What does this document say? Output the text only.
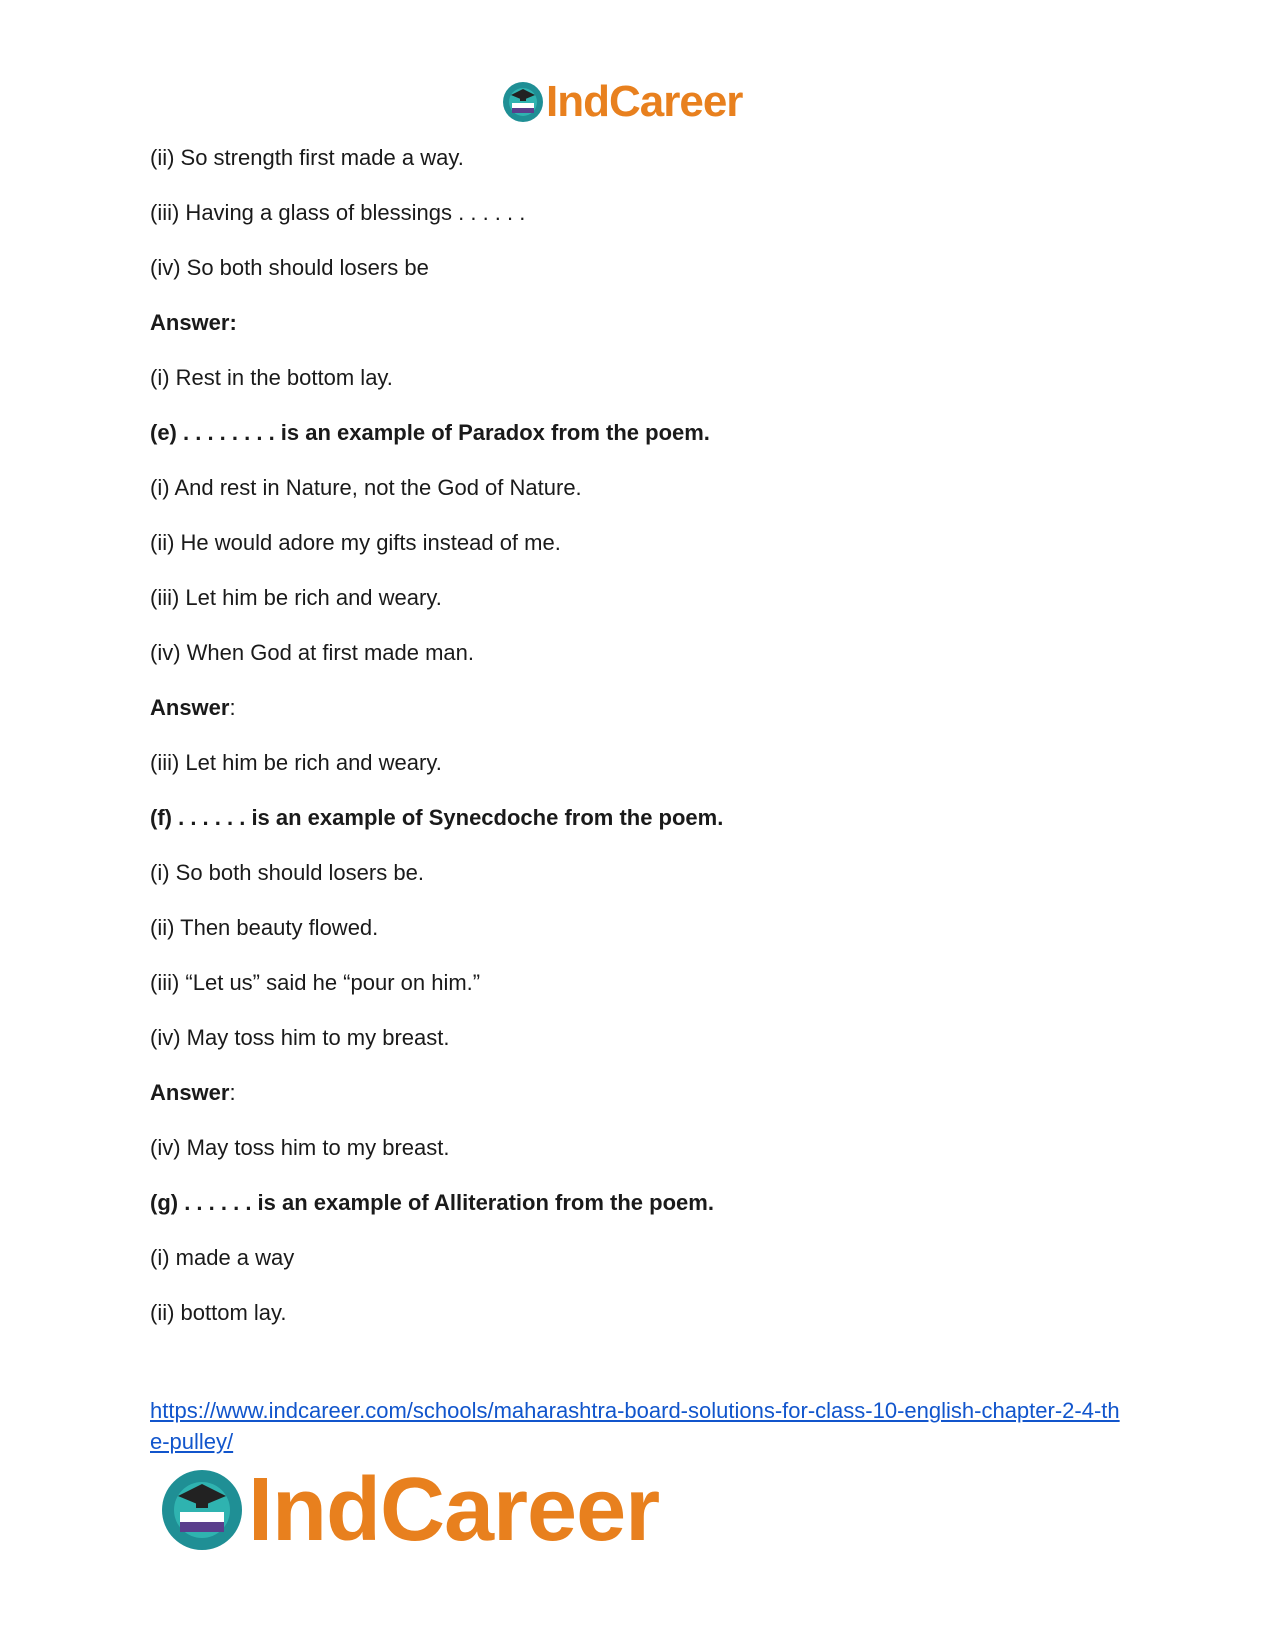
IndCareer

(ii) So strength first made a way.

(iii) Having a glass of blessings . . . . . .

(iv) So both should losers be

Answer:

(i) Rest in the bottom lay.

(e) . . . . . . . . is an example of Paradox from the poem.

(i) And rest in Nature, not the God of Nature.

(ii) He would adore my gifts instead of me.

(iii) Let him be rich and weary.

(iv) When God at first made man.

Answer:

(iii) Let him be rich and weary.

(f) . . . . . . is an example of Synecdoche from the poem.

(i) So both should losers be.

(ii) Then beauty flowed.

(iii) “Let us” said he “pour on him.”

(iv) May toss him to my breast.

Answer:

(iv) May toss him to my breast.

(g) . . . . . . is an example of Alliteration from the poem.

(i) made a way

(ii) bottom lay.

https://www.indcareer.com/schools/maharashtra-board-solutions-for-class-10-english-chapter-2-4-the-pulley/
IndCareer
